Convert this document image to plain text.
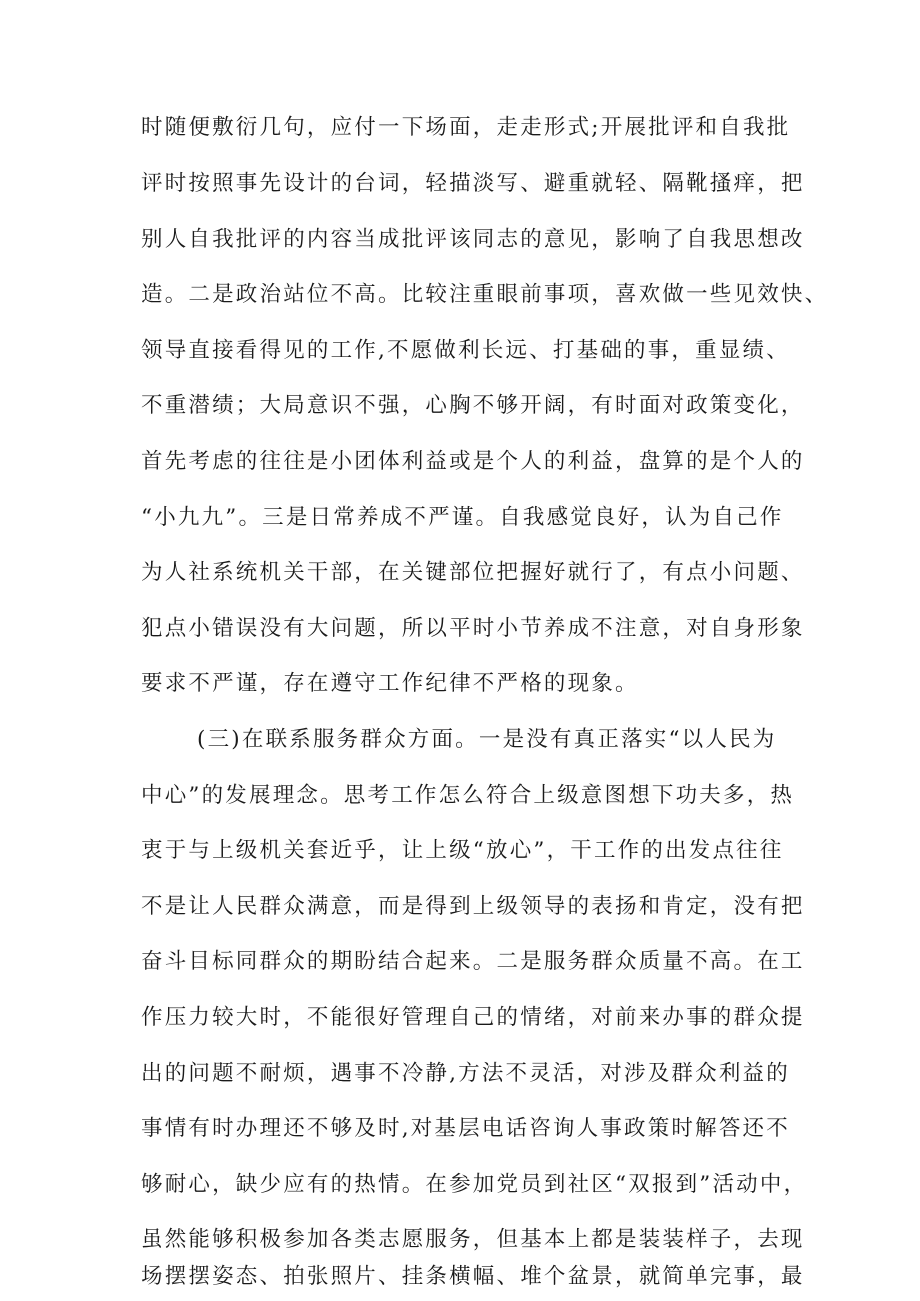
时随便敷衍几句，应付一下场面，走走形式;开展批评和自我批
评时按照事先设计的台词，轻描淡写、避重就轻、隔靴搔痒，把
别人自我批评的内容当成批评该同志的意见，影响了自我思想改
造。二是政治站位不高。比较注重眼前事项，喜欢做一些见效快、
领导直接看得见的工作,不愿做利长远、打基础的事，重显绩、
不重潜绩；大局意识不强，心胸不够开阔，有时面对政策变化，
首先考虑的往往是小团体利益或是个人的利益，盘算的是个人的
“小九九”。三是日常养成不严谨。自我感觉良好，认为自己作
为人社系统机关干部，在关键部位把握好就行了，有点小问题、
犯点小错误没有大问题，所以平时小节养成不注意，对自身形象
要求不严谨，存在遵守工作纪律不严格的现象。
(三)在联系服务群众方面。一是没有真正落实“以人民为
中心”的发展理念。思考工作怎么符合上级意图想下功夫多，热
衷于与上级机关套近乎，让上级“放心”，干工作的出发点往往
不是让人民群众满意，而是得到上级领导的表扬和肯定，没有把
奋斗目标同群众的期盼结合起来。二是服务群众质量不高。在工
作压力较大时，不能很好管理自己的情绪，对前来办事的群众提
出的问题不耐烦，遇事不冷静,方法不灵活，对涉及群众利益的
事情有时办理还不够及时,对基层电话咨询人事政策时解答还不
够耐心，缺少应有的热情。在参加党员到社区“双报到”活动中，
虽然能够积极参加各类志愿服务，但基本上都是装装样子，去现
场摆摆姿态、拍张照片、挂条横幅、堆个盆景，就简单完事，最
